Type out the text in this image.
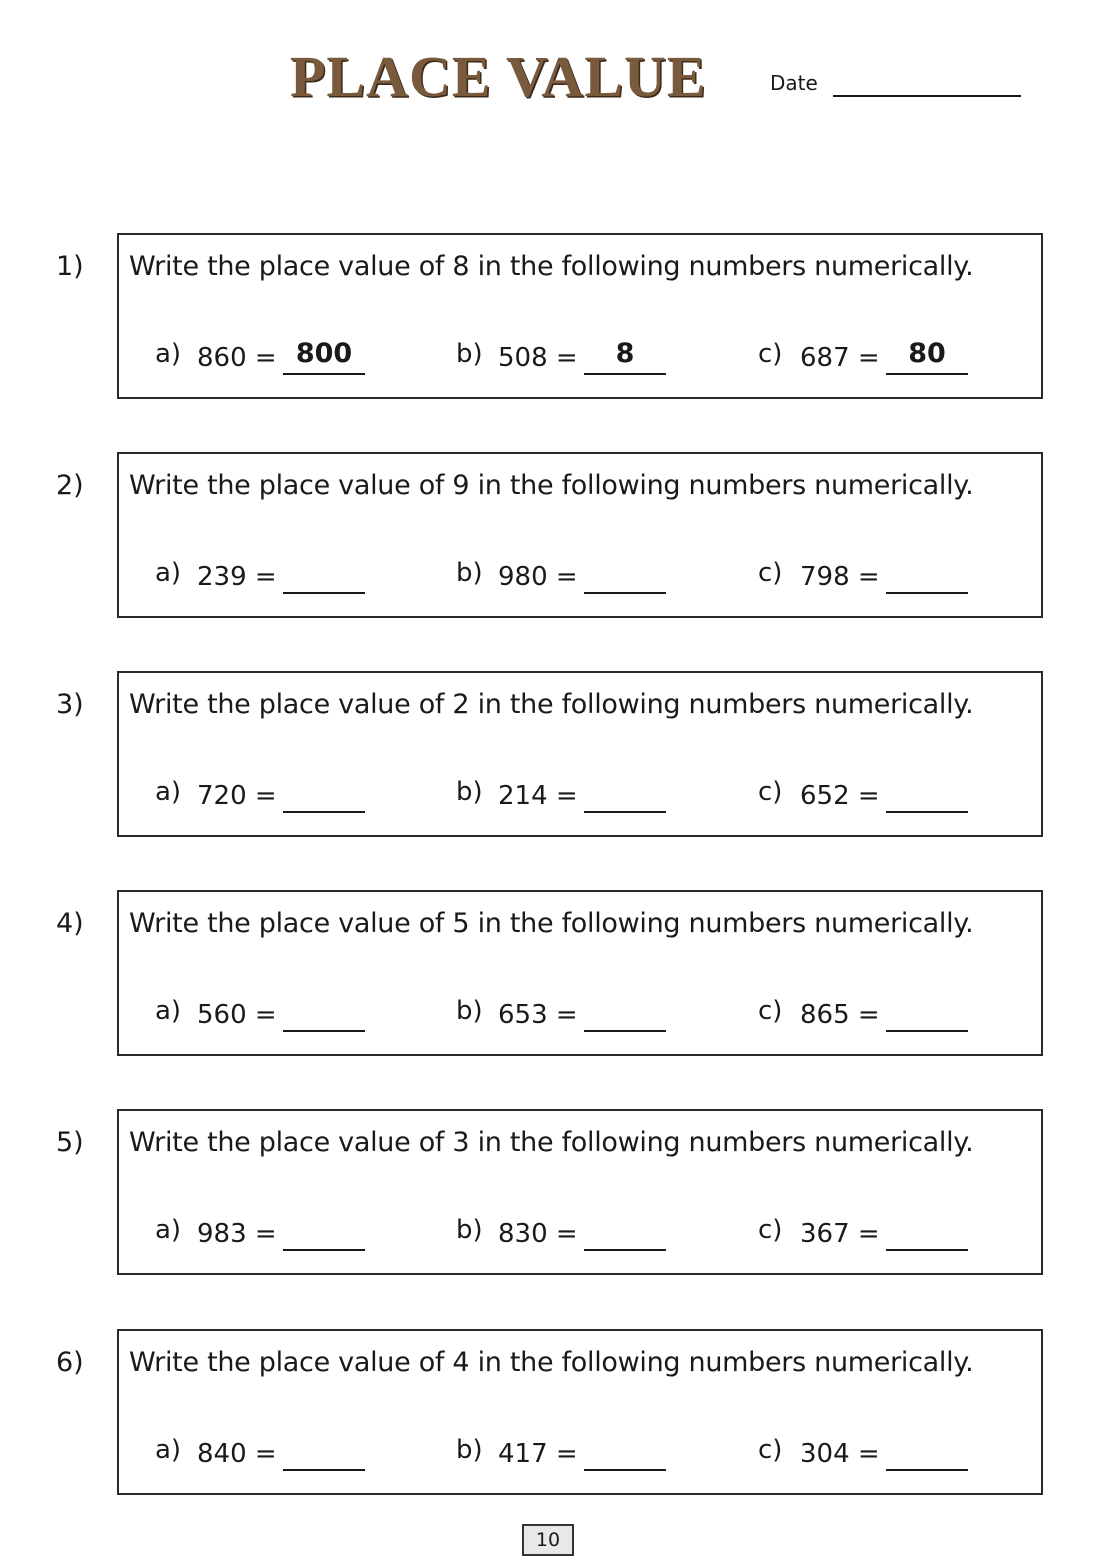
PLACE VALUE	Date
1) Write the place value of 8 in the following numbers numerically.
a) 860 = 800	b) 508 =	8	c) 687 =	80
2) Write the place value of 9 in the following numbers numerically.
a) 239 =	b) 980 =	c) 798 =
3) Write the place value of 2 in the following numbers numerically.
a) 720 =	b) 214 =	c) 652 =
4) Write the place value of 5 in the following numbers numerically.
a) 560 =	b) 653 =	c) 865 =
5) Write the place value of 3 in the following numbers numerically.
a) 983 =	b) 830 =	c) 367 =
6) Write the place value of 4 in the following numbers numerically.
a) 840 =	b) 417 =	c) 304 =
10
